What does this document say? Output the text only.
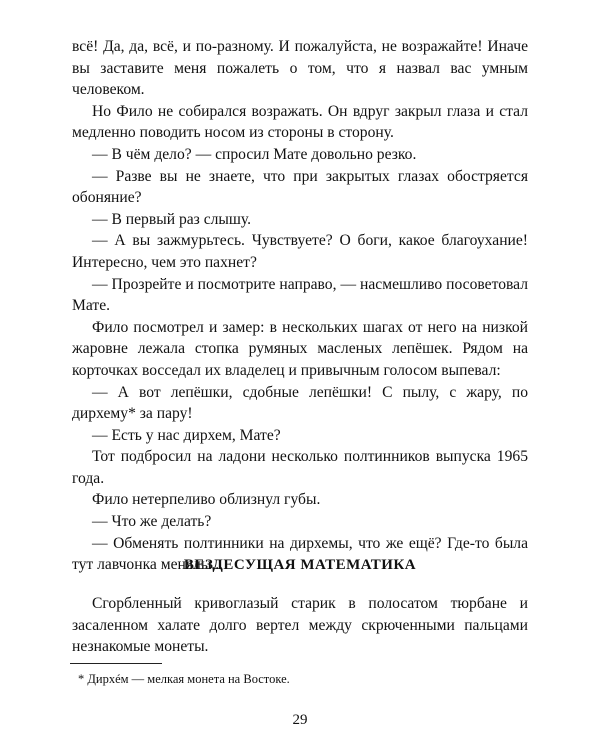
всё! Да, да, всё, и по-разному. И пожалуйста, не возражайте! Иначе вы заставите меня пожалеть о том, что я назвал вас умным человеком.

Но Фило не собирался возражать. Он вдруг закрыл глаза и стал медленно поводить носом из стороны в сторону.

— В чём дело? — спросил Мате довольно резко.

— Разве вы не знаете, что при закрытых глазах обостряется обоняние?

— В первый раз слышу.

— А вы зажмурьтесь. Чувствуете? О боги, какое благоухание! Интересно, чем это пахнет?

— Прозрейте и посмотрите направо, — насмешливо посоветовал Мате.

Фило посмотрел и замер: в нескольких шагах от него на низкой жаровне лежала стопка румяных масленых лепёшек. Рядом на корточках восседал их владелец и привычным голосом выпевал:

— А вот лепёшки, сдобные лепёшки! С пылу, с жару, по дирхему* за пару!

— Есть у нас дирхем, Мате?

Тот подбросил на ладони несколько полтинников выпуска 1965 года.

Фило нетерпеливо облизнул губы.

— Что же делать?

— Обменять полтинники на дирхемы, что же ещё? Где-то была тут лавчонка менялы...

ВЕЗДЕСУЩАЯ МАТЕМАТИКА

Сгорбленный кривоглазый старик в полосатом тюрбане и засаленном халате долго вертел между скрюченными пальцами незнакомые монеты.

* Дирхéм — мелкая монета на Востоке.
29
